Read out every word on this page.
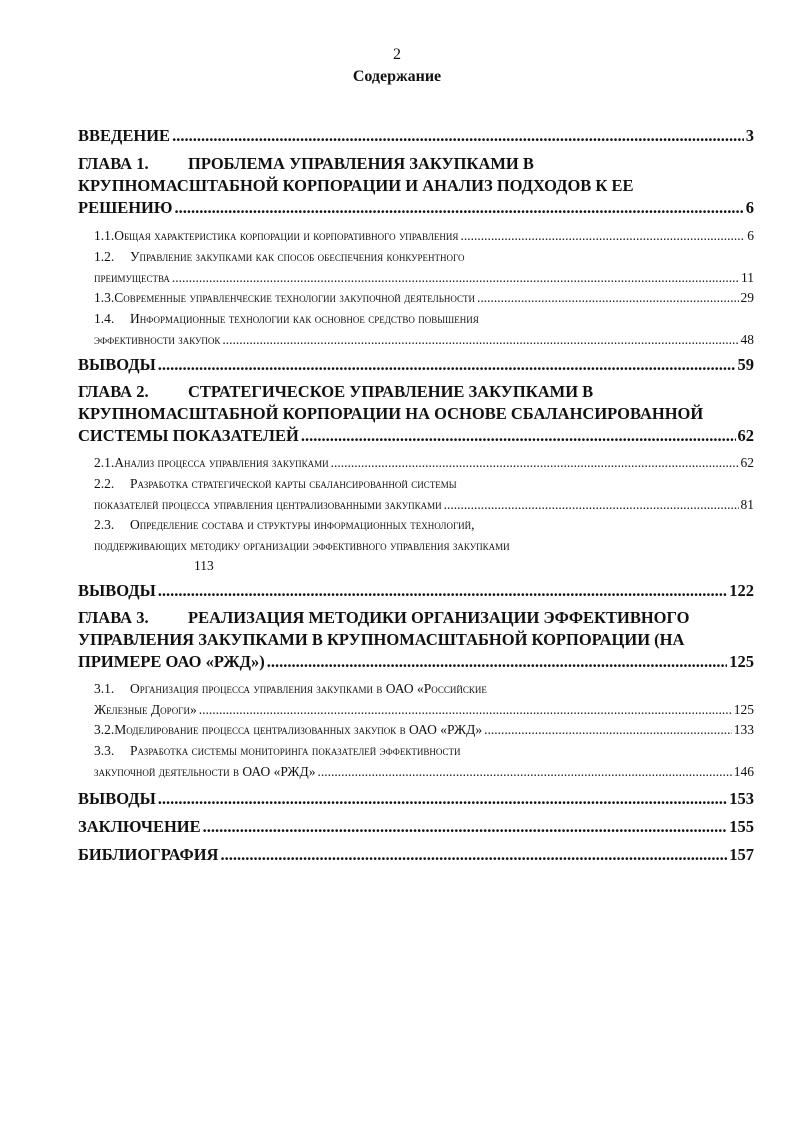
2
Содержание
ВВЕДЕНИЕ .....	3
ГЛАВА 1. ПРОБЛЕМА УПРАВЛЕНИЯ ЗАКУПКАМИ В
КРУПНОМАСШТАБНОЙ КОРПОРАЦИИ И АНАЛИЗ ПОДХОДОВ К ЕЕ
РЕШЕНИЮ .....	6
1.1. Общая характеристика корпорации и корпоративного управления .....	6
1.2. Управление закупками как способ обеспечения конкурентного
преимущества .....	11
1.3. Современные управленческие технологии закупочной деятельности .....	29
1.4. Информационные технологии как основное средство повышения
эффективности закупок .....	48
ВЫВОДЫ .....	59
ГЛАВА 2. СТРАТЕГИЧЕСКОЕ УПРАВЛЕНИЕ ЗАКУПКАМИ В
КРУПНОМАСШТАБНОЙ КОРПОРАЦИИ НА ОСНОВЕ СБАЛАНСИРОВАННОЙ
СИСТЕМЫ ПОКАЗАТЕЛЕЙ .....	62
2.1. Анализ процесса управления закупками .....	62
2.2. Разработка стратегической карты сбалансированной системы
показателей процесса управления централизованными закупками .....	81
2.3. Определение состава и структуры информационных технологий,
поддерживающих методику организации эффективного управления закупками
113
ВЫВОДЫ .....	122
ГЛАВА 3. РЕАЛИЗАЦИЯ МЕТОДИКИ ОРГАНИЗАЦИИ ЭФФЕКТИВНОГО
УПРАВЛЕНИЯ ЗАКУПКАМИ В КРУПНОМАСШТАБНОЙ КОРПОРАЦИИ (НА
ПРИМЕРЕ ОАО «РЖД») .....	125
3.1. Организация процесса управления закупками в ОАО «Российские
Железные Дороги» .....	125
3.2. Моделирование процесса централизованных закупок в ОАО «РЖД» .....	133
3.3. Разработка системы мониторинга показателей эффективности
закупочной деятельности в ОАО «РЖД» .....	146
ВЫВОДЫ .....	153
ЗАКЛЮЧЕНИЕ .....	155
БИБЛИОГРАФИЯ .....	157
